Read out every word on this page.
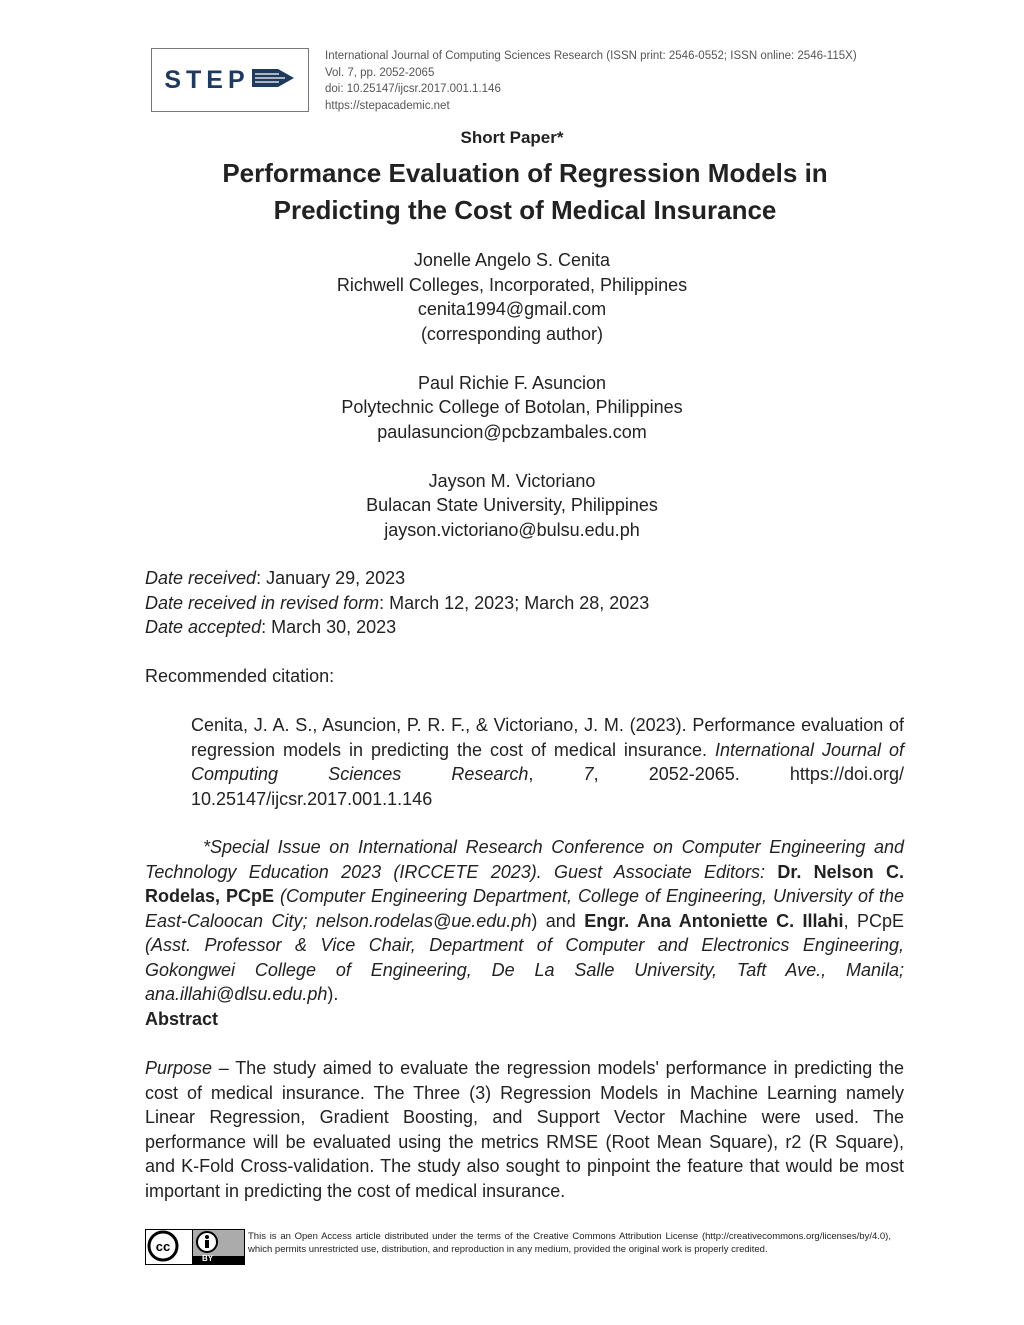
STEP
International Journal of Computing Sciences Research (ISSN print: 2546-0552; ISSN online: 2546-115X)
Vol. 7, pp. 2052-2065
doi: 10.25147/ijcsr.2017.001.1.146
https://stepacademic.net
Short Paper*
Performance Evaluation of Regression Models in
Predicting the Cost of Medical Insurance
Jonelle Angelo S. Cenita
Richwell Colleges, Incorporated, Philippines
cenita1994@gmail.com
(corresponding author)
Paul Richie F. Asuncion
Polytechnic College of Botolan, Philippines
paulasuncion@pcbzambales.com
Jayson M. Victoriano
Bulacan State University, Philippines
jayson.victoriano@bulsu.edu.ph
Date received: January 29, 2023
Date received in revised form: March 12, 2023; March 28, 2023
Date accepted: March 30, 2023
Recommended citation:
Cenita, J. A. S., Asuncion, P. R. F., & Victoriano, J. M. (2023). Performance evaluation of regression models in predicting the cost of medical insurance. International Journal of Computing Sciences Research, 7, 2052-2065. https://doi.org/ 10.25147/ijcsr.2017.001.1.146
*Special Issue on International Research Conference on Computer Engineering and Technology Education 2023 (IRCCETE 2023). Guest Associate Editors: Dr. Nelson C. Rodelas, PCpE (Computer Engineering Department, College of Engineering, University of the East-Caloocan City; nelson.rodelas@ue.edu.ph) and Engr. Ana Antoniette C. Illahi, PCpE (Asst. Professor & Vice Chair, Department of Computer and Electronics Engineering, Gokongwei College of Engineering, De La Salle University, Taft Ave., Manila; ana.illahi@dlsu.edu.ph).
Abstract
Purpose – The study aimed to evaluate the regression models' performance in predicting the cost of medical insurance. The Three (3) Regression Models in Machine Learning namely Linear Regression, Gradient Boosting, and Support Vector Machine were used. The performance will be evaluated using the metrics RMSE (Root Mean Square), r2 (R Square), and K-Fold Cross-validation. The study also sought to pinpoint the feature that would be most important in predicting the cost of medical insurance.
cc
BY
This is an Open Access article distributed under the terms of the Creative Commons Attribution License (http://creativecommons.org/licenses/by/4.0), which permits unrestricted use, distribution, and reproduction in any medium, provided the original work is properly credited.
